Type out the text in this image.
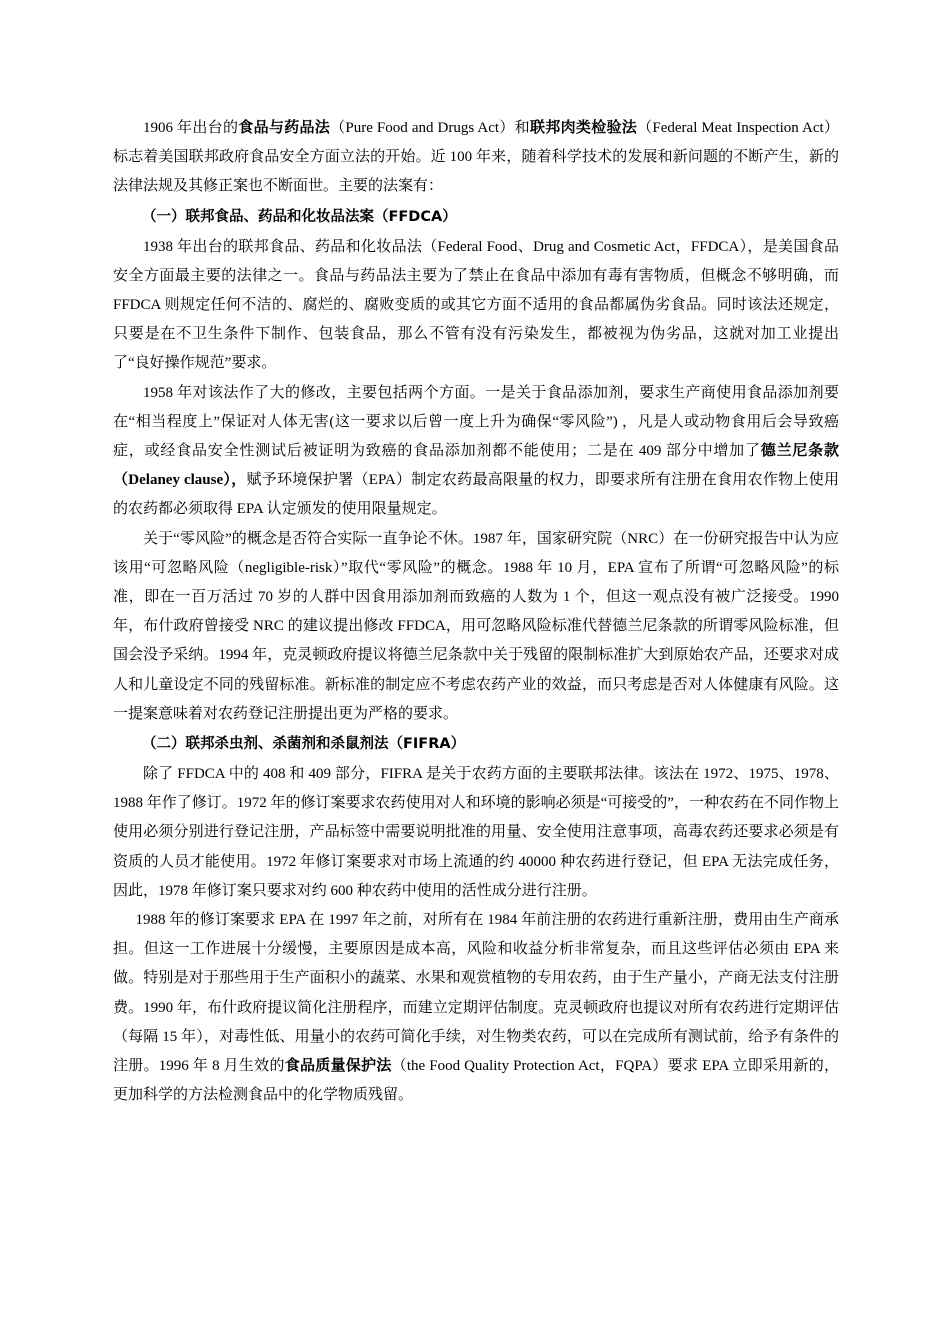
1906 年出台的食品与药品法（Pure Food and Drugs Act）和联邦肉类检验法（Federal Meat Inspection Act）标志着美国联邦政府食品安全方面立法的开始。近 100 年来，随着科学技术的发展和新问题的不断产生，新的法律法规及其修正案也不断面世。主要的法案有：

（一）联邦食品、药品和化妆品法案（FFDCA）

1938 年出台的联邦食品、药品和化妆品法（Federal Food、Drug and Cosmetic Act，FFDCA），是美国食品安全方面最主要的法律之一。食品与药品法主要为了禁止在食品中添加有毒有害物质，但概念不够明确，而 FFDCA 则规定任何不洁的、腐烂的、腐败变质的或其它方面不适用的食品都属伪劣食品。同时该法还规定，只要是在不卫生条件下制作、包装食品，那么不管有没有污染发生，都被视为伪劣品，这就对加工业提出了“良好操作规范”要求。

1958 年对该法作了大的修改，主要包括两个方面。一是关于食品添加剂，要求生产商使用食品添加剂要在“相当程度上”保证对人体无害(这一要求以后曾一度上升为确保“零风险”) ，凡是人或动物食用后会导致癌症，或经食品安全性测试后被证明为致癌的食品添加剂都不能使用；二是在 409 部分中增加了德兰尼条款（Delaney clause），赋予环境保护署（EPA）制定农药最高限量的权力，即要求所有注册在食用农作物上使用的农药都必须取得 EPA 认定颁发的使用限量规定。

关于“零风险”的概念是否符合实际一直争论不休。1987 年，国家研究院（NRC）在一份研究报告中认为应该用“可忽略风险（negligible-risk）”取代“零风险”的概念。1988 年 10 月，EPA 宣布了所谓“可忽略风险”的标准，即在一百万活过 70 岁的人群中因食用添加剂而致癌的人数为 1 个，但这一观点没有被广泛接受。1990 年，布什政府曾接受 NRC 的建议提出修改 FFDCA，用可忽略风险标准代替德兰尼条款的所谓零风险标准，但国会没予采纳。1994 年，克灵顿政府提议将德兰尼条款中关于残留的限制标准扩大到原始农产品，还要求对成人和儿童设定不同的残留标准。新标准的制定应不考虑农药产业的效益，而只考虑是否对人体健康有风险。这一提案意味着对农药登记注册提出更为严格的要求。

（二）联邦杀虫剂、杀菌剂和杀鼠剂法（FIFRA）

除了 FFDCA 中的 408 和 409 部分，FIFRA 是关于农药方面的主要联邦法律。该法在 1972、1975、1978、1988 年作了修订。1972 年的修订案要求农药使用对人和环境的影响必须是“可接受的”，一种农药在不同作物上使用必须分别进行登记注册，产品标签中需要说明批准的用量、安全使用注意事项，高毒农药还要求必须是有资质的人员才能使用。1972 年修订案要求对市场上流通的约 40000 种农药进行登记，但 EPA 无法完成任务，因此，1978 年修订案只要求对约 600 种农药中使用的活性成分进行注册。

1988 年的修订案要求 EPA 在 1997 年之前，对所有在 1984 年前注册的农药进行重新注册，费用由生产商承担。但这一工作进展十分缓慢，主要原因是成本高，风险和收益分析非常复杂，而且这些评估必须由 EPA 来做。特别是对于那些用于生产面积小的蔬菜、水果和观赏植物的专用农药，由于生产量小，产商无法支付注册费。1990 年，布什政府提议简化注册程序，而建立定期评估制度。克灵顿政府也提议对所有农药进行定期评估（每隔 15 年），对毒性低、用量小的农药可简化手续，对生物类农药，可以在完成所有测试前，给予有条件的注册。1996 年 8 月生效的食品质量保护法（the Food Quality Protection Act，FQPA）要求 EPA 立即采用新的，更加科学的方法检测食品中的化学物质残留。
